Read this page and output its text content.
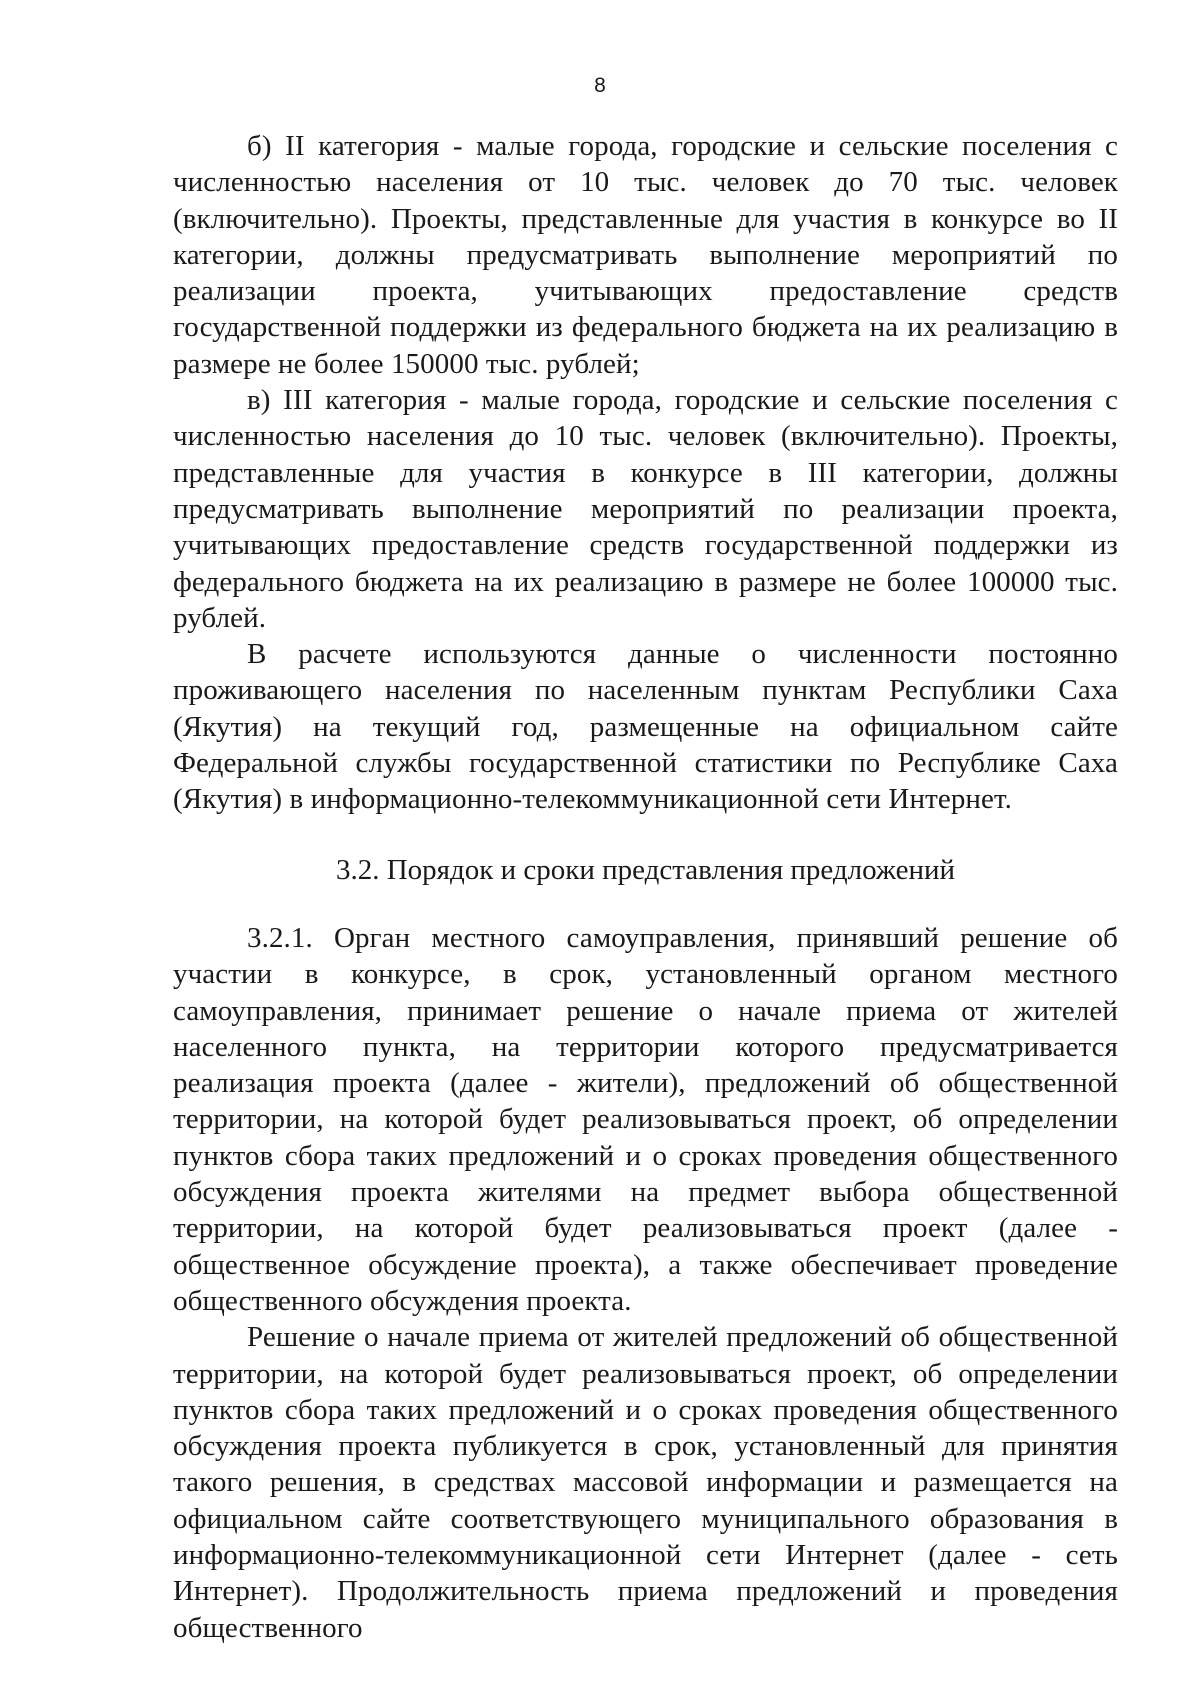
8

б) II категория - малые города, городские и сельские поселения с численностью населения от 10 тыс. человек до 70 тыс. человек (включительно). Проекты, представленные для участия в конкурсе во II категории, должны предусматривать выполнение мероприятий по реализации проекта, учитывающих предоставление средств государственной поддержки из федерального бюджета на их реализацию в размере не более 150000 тыс. рублей;

в) III категория - малые города, городские и сельские поселения с численностью населения до 10 тыс. человек (включительно). Проекты, представленные для участия в конкурсе в III категории, должны предусматривать выполнение мероприятий по реализации проекта, учитывающих предоставление средств государственной поддержки из федерального бюджета на их реализацию в размере не более 100000 тыс. рублей.

В расчете используются данные о численности постоянно проживающего населения по населенным пунктам Республики Саха (Якутия) на текущий год, размещенные на официальном сайте Федеральной службы государственной статистики по Республике Саха (Якутия) в информационно-телекоммуникационной сети Интернет.

3.2. Порядок и сроки представления предложений

3.2.1. Орган местного самоуправления, принявший решение об участии в конкурсе, в срок, установленный органом местного самоуправления, принимает решение о начале приема от жителей населенного пункта, на территории которого предусматривается реализация проекта (далее - жители), предложений об общественной территории, на которой будет реализовываться проект, об определении пунктов сбора таких предложений и о сроках проведения общественного обсуждения проекта жителями на предмет выбора общественной территории, на которой будет реализовываться проект (далее - общественное обсуждение проекта), а также обеспечивает проведение общественного обсуждения проекта.

Решение о начале приема от жителей предложений об общественной территории, на которой будет реализовываться проект, об определении пунктов сбора таких предложений и о сроках проведения общественного обсуждения проекта публикуется в срок, установленный для принятия такого решения, в средствах массовой информации и размещается на официальном сайте соответствующего муниципального образования в информационно-телекоммуникационной сети Интернет (далее - сеть Интернет). Продолжительность приема предложений и проведения общественного
